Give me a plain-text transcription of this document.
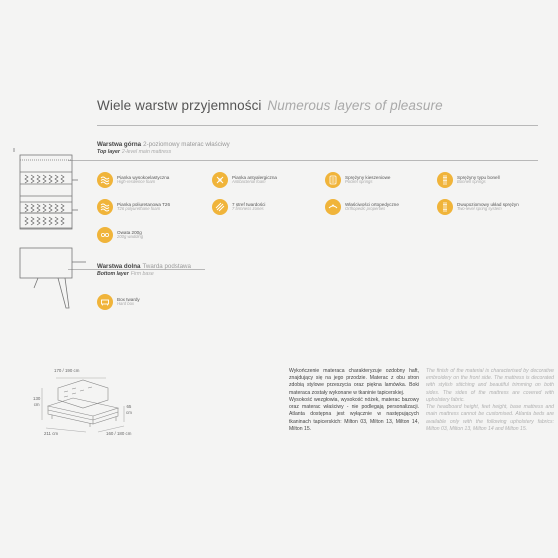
Wiele warstw przyjemności Numerous layers of pleasure
Warstwa górna 2-poziomowy materac właściwy
Top layer 2-level main mattress
Pianka wysokoelastyczna
High-resilience foam
Pianka antyalergiczna
Antibacterial foam
Sprężyny kieszeniowe
Pocket springs
Sprężyny typu bonell
Bonnell springs
Pianka poliuretanowa T26
T26 polyurethane foam
7 stref twardości
7 firmness zones
Właściwości ortopedyczne
Orthopedic properties
Dwupoziomowy układ sprężyn
Two-level spring system
Owata 200g
200g wadding
Warstwa dolna Twarda podstawa
Bottom layer Firm base
Box twardy
Hard box
170 / 190 cm
130
cm	65
cm
211 cm	160 / 180 cm

Wykończenie materaca charakteryzuje ozdobny haft, znajdujący się na jego przodzie. Materac z obu stron zdobią stylowe przeszycia oraz piękna lamówka. Boki materaca zostały wykonane w tkaninie tapicerskiej.

Wysokość wezgłowia, wysokość nóżek, materac bazowy oraz materac właściwy - nie podlegają personalizacji. Atlanta dostępna jest wyłącznie w następujących tkaninach tapicerskich: Milton 03, Milton 13, Milton 14, Milton 15.

The finish of the material is characterised by decorative embroidery on the front side. The mattress is decorated with stylish stitching and beautiful trimming on both sides. The sides of the mattress are covered with upholstery fabric.

The headboard height, feet height, base mattress and main mattress cannot be customised. Atlanta beds are available only with the following upholstery fabrics: Milton 03, Milton 13, Milton 14 and Milton 15.
